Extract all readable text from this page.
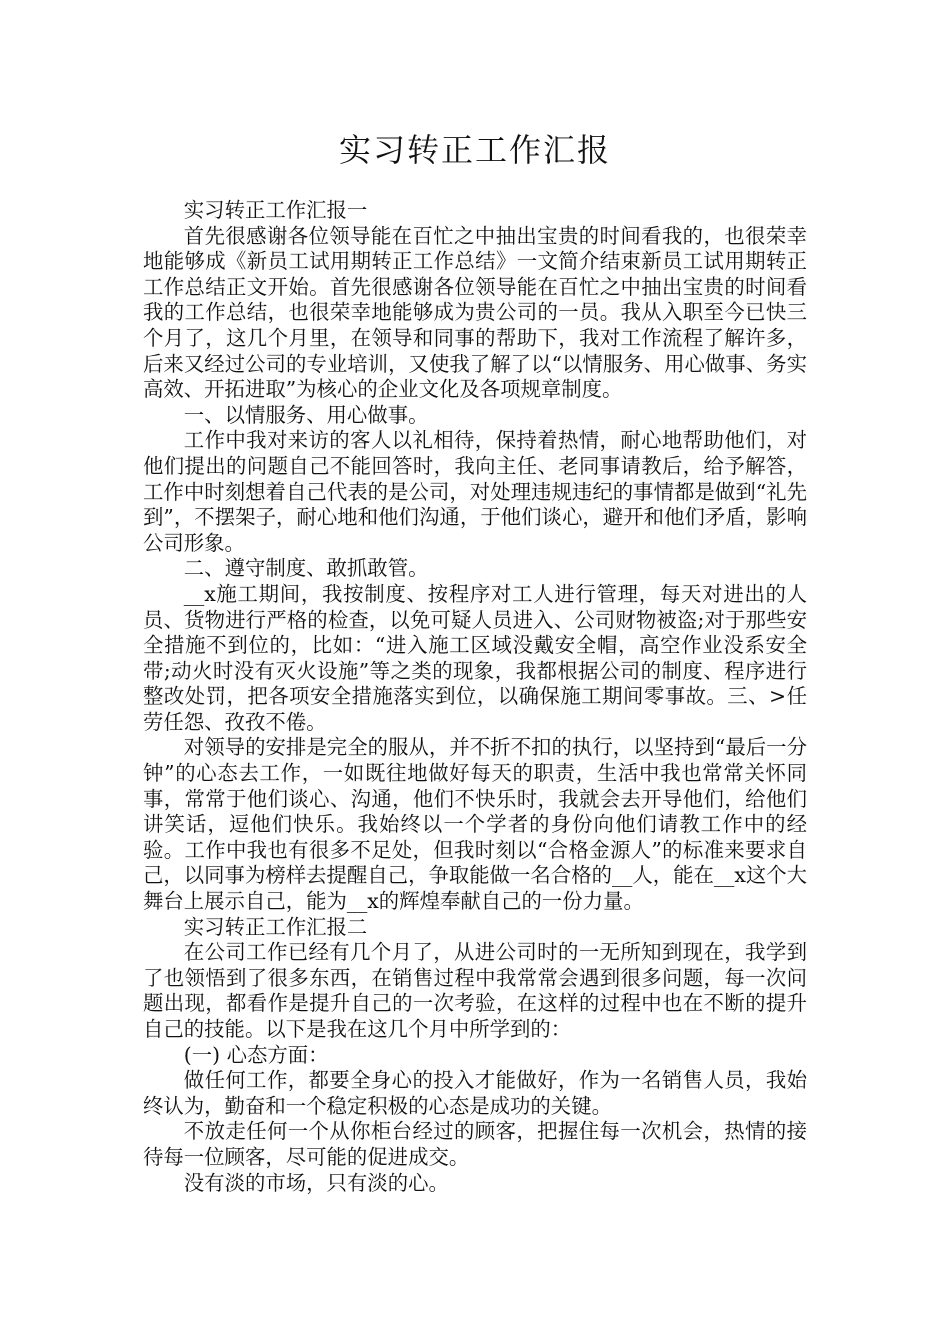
实习转正工作汇报

实习转正工作汇报一

首先很感谢各位领导能在百忙之中抽出宝贵的时间看我的，也很荣幸地能够成《新员工试用期转正工作总结》一文简介结束新员工试用期转正工作总结正文开始。首先很感谢各位领导能在百忙之中抽出宝贵的时间看我的工作总结，也很荣幸地能够成为贵公司的一员。我从入职至今已快三个月了，这几个月里，在领导和同事的帮助下，我对工作流程了解许多，后来又经过公司的专业培训，又使我了解了以“以情服务、用心做事、务实高效、开拓进取”为核心的企业文化及各项规章制度。

一、以情服务、用心做事。

工作中我对来访的客人以礼相待，保持着热情，耐心地帮助他们，对他们提出的问题自己不能回答时，我向主任、老同事请教后，给予解答，工作中时刻想着自己代表的是公司，对处理违规违纪的事情都是做到“礼先到”，不摆架子，耐心地和他们沟通，于他们谈心，避开和他们矛盾，影响公司形象。

二、遵守制度、敢抓敢管。

__x施工期间，我按制度、按程序对工人进行管理，每天对进出的人员、货物进行严格的检查，以免可疑人员进入、公司财物被盗;对于那些安全措施不到位的，比如：“进入施工区域没戴安全帽，高空作业没系安全带;动火时没有灭火设施”等之类的现象，我都根据公司的制度、程序进行整改处罚，把各项安全措施落实到位，以确保施工期间零事故。三、>任劳任怨、孜孜不倦。

对领导的安排是完全的服从，并不折不扣的执行，以坚持到“最后一分钟”的心态去工作，一如既往地做好每天的职责，生活中我也常常关怀同事，常常于他们谈心、沟通，他们不快乐时，我就会去开导他们，给他们讲笑话，逗他们快乐。我始终以一个学者的身份向他们请教工作中的经验。工作中我也有很多不足处，但我时刻以“合格金源人”的标准来要求自己，以同事为榜样去提醒自己，争取能做一名合格的__人，能在__x这个大舞台上展示自己，能为__x的辉煌奉献自己的一份力量。

实习转正工作汇报二

在公司工作已经有几个月了，从进公司时的一无所知到现在，我学到了也领悟到了很多东西，在销售过程中我常常会遇到很多问题，每一次问题出现，都看作是提升自己的一次考验，在这样的过程中也在不断的提升自己的技能。以下是我在这几个月中所学到的：

(一) 心态方面：

做任何工作，都要全身心的投入才能做好，作为一名销售人员，我始终认为，勤奋和一个稳定积极的心态是成功的关键。

不放走任何一个从你柜台经过的顾客，把握住每一次机会，热情的接待每一位顾客，尽可能的促进成交。

没有淡的市场，只有淡的心。
